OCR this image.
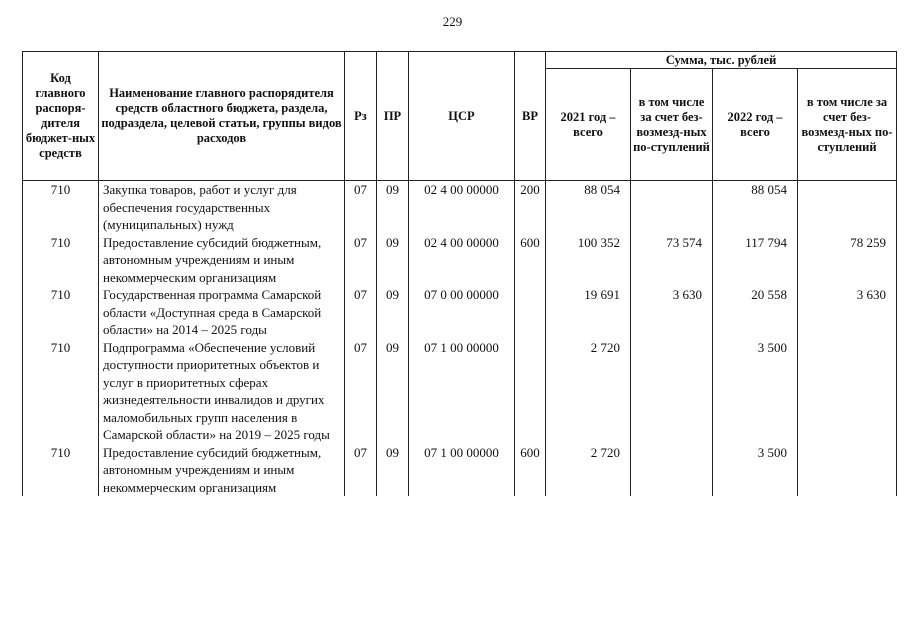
229
Код главного распоря-дителя бюджет-ных средств	Наименование главного распорядителя средств областного бюджета, раздела, подраздела, целевой статьи, группы видов расходов	Рз	ПР	ЦСР	ВР	Сумма, тыс. рублей			
						2021 год – всего	в том числе за счет без-возмезд-ных по-ступлений	2022 год – всего	в том числе за счет без-возмезд-ных по-ступлений
710	Закупка товаров, работ и услуг для обеспечения государственных (муниципальных) нужд	07	09	02 4 00 00000	200	88 054		88 054	
710	Предоставление субсидий бюджетным, автономным учреждениям и иным некоммерческим организациям	07	09	02 4 00 00000	600	100 352	73 574	117 794	78 259
710	Государственная программа Самарской области «Доступная среда в Самарской области» на 2014 – 2025 годы	07	09	07 0 00 00000		19 691	3 630	20 558	3 630
710	Подпрограмма «Обеспечение условий доступности приоритетных объектов и услуг в приоритетных сферах жизнедеятельности инвалидов и других маломобильных групп населения в Самарской области» на 2019 – 2025 годы	07	09	07 1 00 00000		2 720		3 500	
710	Предоставление субсидий бюджетным, автономным учреждениям и иным некоммерческим организациям	07	09	07 1 00 00000	600	2 720		3 500	
